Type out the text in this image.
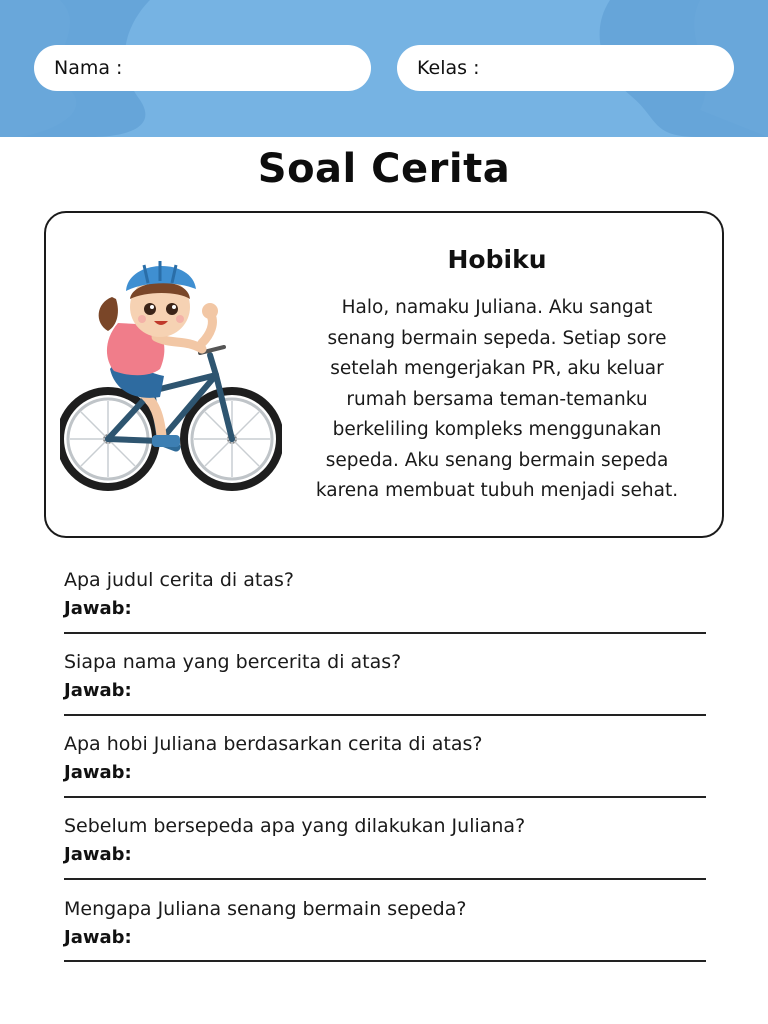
Nama :	Kelas :
Soal Cerita
Hobiku
Halo, namaku Juliana. Aku sangat
senang bermain sepeda. Setiap sore
setelah mengerjakan PR, aku keluar
rumah bersama teman-temanku
berkeliling kompleks menggunakan
sepeda. Aku senang bermain sepeda
karena membuat tubuh menjadi sehat.
Apa judul cerita di atas?
Jawab:
Siapa nama yang bercerita di atas?
Jawab:
Apa hobi Juliana berdasarkan cerita di atas?
Jawab:
Sebelum bersepeda apa yang dilakukan Juliana?
Jawab:
Mengapa Juliana senang bermain sepeda?
Jawab:
